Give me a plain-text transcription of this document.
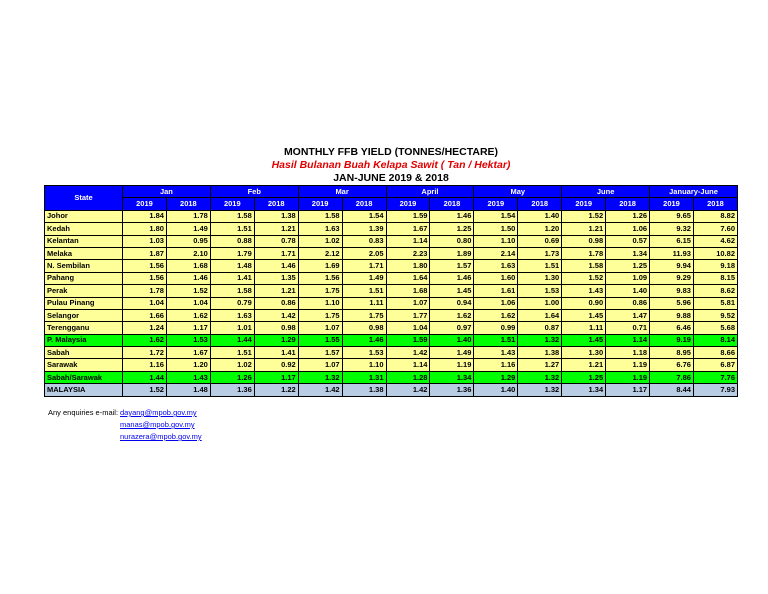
MONTHLY FFB YIELD (TONNES/HECTARE)
Hasil Bulanan Buah Kelapa Sawit ( Tan / Hektar)
JAN-JUNE 2019 & 2018
State	Jan		Feb		Mar		April		May		June		January-June	
	2019	2018	2019	2018	2019	2018	2019	2018	2019	2018	2019	2018	2019	2018
Johor	1.84	1.78	1.58	1.38	1.58	1.54	1.59	1.46	1.54	1.40	1.52	1.26	9.65	8.82
Kedah	1.80	1.49	1.51	1.21	1.63	1.39	1.67	1.25	1.50	1.20	1.21	1.06	9.32	7.60
Kelantan	1.03	0.95	0.88	0.78	1.02	0.83	1.14	0.80	1.10	0.69	0.98	0.57	6.15	4.62
Melaka	1.87	2.10	1.79	1.71	2.12	2.05	2.23	1.89	2.14	1.73	1.78	1.34	11.93	10.82
N. Sembilan	1.56	1.68	1.48	1.46	1.69	1.71	1.80	1.57	1.63	1.51	1.58	1.25	9.94	9.18
Pahang	1.56	1.46	1.41	1.35	1.56	1.49	1.64	1.46	1.60	1.30	1.52	1.09	9.29	8.15
Perak	1.78	1.52	1.58	1.21	1.75	1.51	1.68	1.45	1.61	1.53	1.43	1.40	9.83	8.62
Pulau Pinang	1.04	1.04	0.79	0.86	1.10	1.11	1.07	0.94	1.06	1.00	0.90	0.86	5.96	5.81
Selangor	1.66	1.62	1.63	1.42	1.75	1.75	1.77	1.62	1.62	1.64	1.45	1.47	9.88	9.52
Terengganu	1.24	1.17	1.01	0.98	1.07	0.98	1.04	0.97	0.99	0.87	1.11	0.71	6.46	5.68
P. Malaysia	1.62	1.53	1.44	1.29	1.55	1.46	1.59	1.40	1.51	1.32	1.45	1.14	9.19	8.14
Sabah	1.72	1.67	1.51	1.41	1.57	1.53	1.42	1.49	1.43	1.38	1.30	1.18	8.95	8.66
Sarawak	1.16	1.20	1.02	0.92	1.07	1.10	1.14	1.19	1.16	1.27	1.21	1.19	6.76	6.87
Sabah/Sarawak	1.44	1.43	1.26	1.17	1.32	1.31	1.28	1.34	1.29	1.32	1.25	1.19	7.86	7.76
MALAYSIA	1.52	1.48	1.36	1.22	1.42	1.38	1.42	1.36	1.40	1.32	1.34	1.17	8.44	7.93
Any enquiries e-mail: dayang@mpob.gov.my
manas@mpob.gov.my
nurazera@mpob.gov.my
